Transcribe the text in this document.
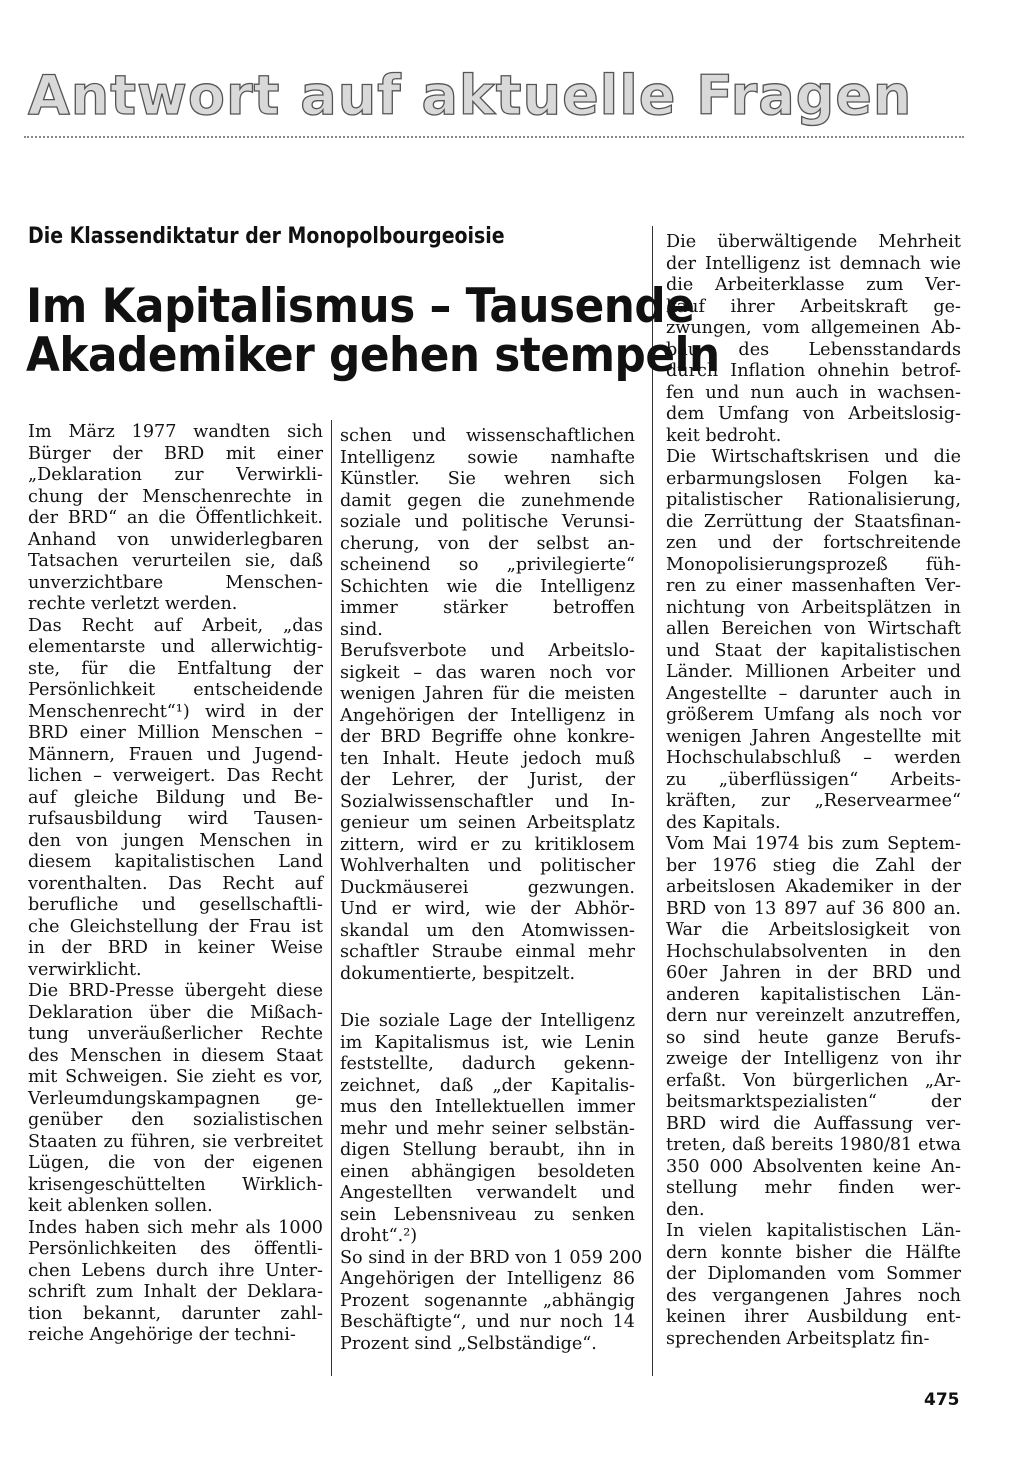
Antwort auf aktuelle Fragen
Die Klassendiktatur der Monopolbourgeoisie
Im Kapitalismus – Tausende
Akademiker gehen stempeln

Im März 1977 wandten sich
Bürger der BRD mit einer
„Deklaration zur Verwirkli-
chung der Menschenrechte in
der BRD“ an die Öffentlichkeit.
Anhand von unwiderlegbaren
Tatsachen verurteilen sie, daß
unverzichtbare Menschen-
rechte verletzt werden.

Das Recht auf Arbeit, „das
elementarste und allerwichtig-
ste, für die Entfaltung der
Persönlichkeit entscheidende
Menschenrecht“¹) wird in der
BRD einer Million Menschen –
Männern, Frauen und Jugend-
lichen – verweigert. Das Recht
auf gleiche Bildung und Be-
rufsausbildung wird Tausen-
den von jungen Menschen in
diesem kapitalistischen Land
vorenthalten. Das Recht auf
berufliche und gesellschaftli-
che Gleichstellung der Frau ist
in der BRD in keiner Weise
verwirklicht.

Die BRD-Presse übergeht diese
Deklaration über die Mißach-
tung unveräußerlicher Rechte
des Menschen in diesem Staat
mit Schweigen. Sie zieht es vor,
Verleumdungskampagnen ge-
genüber den sozialistischen
Staaten zu führen, sie verbreitet
Lügen, die von der eigenen
krisengeschüttelten Wirklich-
keit ablenken sollen.

Indes haben sich mehr als 1000
Persönlichkeiten des öffentli-
chen Lebens durch ihre Unter-
schrift zum Inhalt der Deklara-
tion bekannt, darunter zahl-
reiche Angehörige der techni-

schen und wissenschaftlichen
Intelligenz sowie namhafte
Künstler. Sie wehren sich
damit gegen die zunehmende
soziale und politische Verunsi-
cherung, von der selbst an-
scheinend so „privilegierte“
Schichten wie die Intelligenz
immer stärker betroffen
sind.

Berufsverbote und Arbeitslo-
sigkeit – das waren noch vor
wenigen Jahren für die meisten
Angehörigen der Intelligenz in
der BRD Begriffe ohne konkre-
ten Inhalt. Heute jedoch muß
der Lehrer, der Jurist, der
Sozialwissenschaftler und In-
genieur um seinen Arbeitsplatz
zittern, wird er zu kritiklosem
Wohlverhalten und politischer
Duckmäuserei gezwungen.
Und er wird, wie der Abhör-
skandal um den Atomwissen-
schaftler Straube einmal mehr
dokumentierte, bespitzelt.

Die soziale Lage der Intelligenz
im Kapitalismus ist, wie Lenin
feststellte, dadurch gekenn-
zeichnet, daß „der Kapitalis-
mus den Intellektuellen immer
mehr und mehr seiner selbstän-
digen Stellung beraubt, ihn in
einen abhängigen besoldeten
Angestellten verwandelt und
sein Lebensniveau zu senken
droht“.²)

So sind in der BRD von 1 059 200
Angehörigen der Intelligenz 86
Prozent sogenannte „abhängig
Beschäftigte“, und nur noch 14
Prozent sind „Selbständige“.

Die überwältigende Mehrheit
der Intelligenz ist demnach wie
die Arbeiterklasse zum Ver-
kauf ihrer Arbeitskraft ge-
zwungen, vom allgemeinen Ab-
bau des Lebensstandards
durch Inflation ohnehin betrof-
fen und nun auch in wachsen-
dem Umfang von Arbeitslosig-
keit bedroht.

Die Wirtschaftskrisen und die
erbarmungslosen Folgen ka-
pitalistischer Rationalisierung,
die Zerrüttung der Staatsfinan-
zen und der fortschreitende
Monopolisierungsprozeß füh-
ren zu einer massenhaften Ver-
nichtung von Arbeitsplätzen in
allen Bereichen von Wirtschaft
und Staat der kapitalistischen
Länder. Millionen Arbeiter und
Angestellte – darunter auch in
größerem Umfang als noch vor
wenigen Jahren Angestellte mit
Hochschulabschluß – werden
zu „überflüssigen“ Arbeits-
kräften, zur „Reservearmee“
des Kapitals.

Vom Mai 1974 bis zum Septem-
ber 1976 stieg die Zahl der
arbeitslosen Akademiker in der
BRD von 13 897 auf 36 800 an.
War die Arbeitslosigkeit von
Hochschulabsolventen in den
60er Jahren in der BRD und
anderen kapitalistischen Län-
dern nur vereinzelt anzutreffen,
so sind heute ganze Berufs-
zweige der Intelligenz von ihr
erfaßt. Von bürgerlichen „Ar-
beitsmarktspezialisten“ der
BRD wird die Auffassung ver-
treten, daß bereits 1980/81 etwa
350 000 Absolventen keine An-
stellung mehr finden wer-
den.

In vielen kapitalistischen Län-
dern konnte bisher die Hälfte
der Diplomanden vom Sommer
des vergangenen Jahres noch
keinen ihrer Ausbildung ent-
sprechenden Arbeitsplatz fin-

475
